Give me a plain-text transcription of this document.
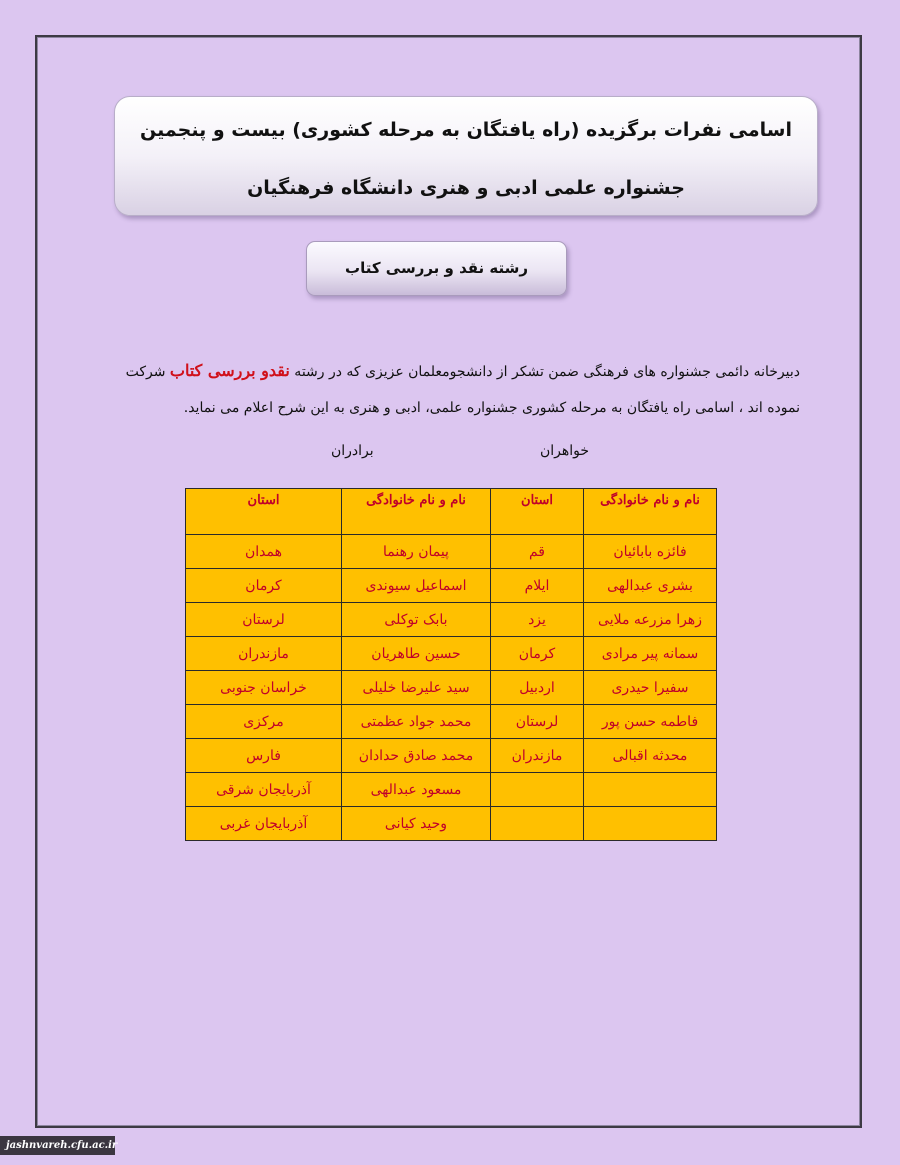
اسامی نفرات برگزیده (راه یافتگان به مرحله کشوری) بیست و پنجمین
جشنواره علمی ادبی و هنری دانشگاه فرهنگیان
رشته نقد و بررسی کتاب
دبیرخانه دائمی جشنواره های فرهنگی ضمن تشکر از دانشجومعلمان عزیزی که در رشته نقدو بررسی کتاب شرکت نموده اند ، اسامی راه یافتگان به مرحله کشوری جشنواره علمی، ادبی و هنری به این شرح اعلام می نماید.
خواهران
برادران
نام و نام خانوادگی	استان	نام و نام خانوادگی	استان
فائزه بابائیان	قم	پیمان رهنما	همدان
بشری عبدالهی	ایلام	اسماعیل سیوندی	کرمان
زهرا مزرعه ملایی	یزد	بابک توکلی	لرستان
سمانه پیر مرادی	کرمان	حسین طاهریان	مازندران
سفیرا حیدری	اردبیل	سید علیرضا خلیلی	خراسان جنوبی
فاطمه حسن پور	لرستان	محمد جواد عظمتی	مرکزی
محدثه اقبالی	مازندران	محمد صادق حدادان	فارس
		مسعود عبدالهی	آذربایجان شرقی
		وحید کیانی	آذربایجان غربی
jashnvareh.cfu.ac.ir
